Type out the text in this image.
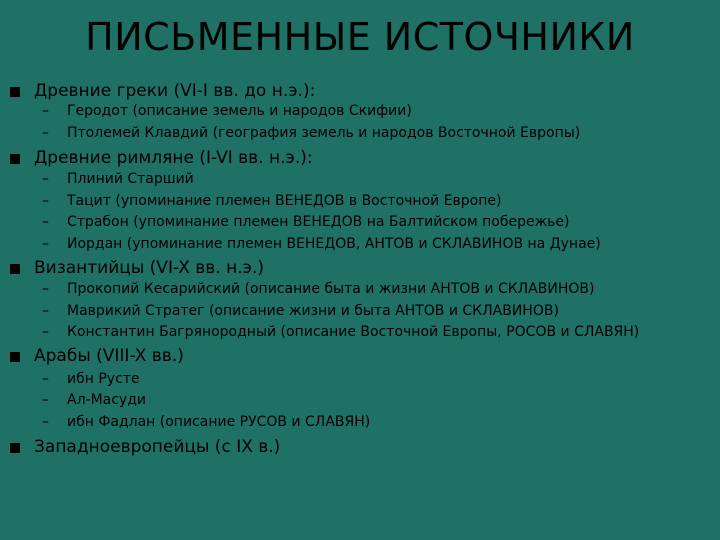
ПИСЬМЕННЫЕ ИСТОЧНИКИ
Древние греки (VI-I вв. до н.э.):
– Геродот (описание земель и народов Скифии)
– Птолемей Клавдий (география земель и народов Восточной Европы)
Древние римляне (I-VI вв. н.э.):
– Плиний Старший
– Тацит (упоминание племен ВЕНЕДОВ в Восточной Европе)
– Страбон (упоминание племен ВЕНЕДОВ на Балтийском побережье)
– Иордан (упоминание племен ВЕНЕДОВ, АНТОВ и СКЛАВИНОВ на Дунае)
Византийцы (VI-X вв. н.э.)
– Прокопий Кесарийский (описание быта и жизни АНТОВ и СКЛАВИНОВ)
– Маврикий Стратег (описание жизни и быта АНТОВ и СКЛАВИНОВ)
– Константин Багрянородный (описание Восточной Европы, РОСОВ и СЛАВЯН)
Арабы (VIII-X вв.)
– ибн Русте
– Ал-Масуди
– ибн Фадлан (описание РУСОВ и СЛАВЯН)
Западноевропейцы (с IX в.)
